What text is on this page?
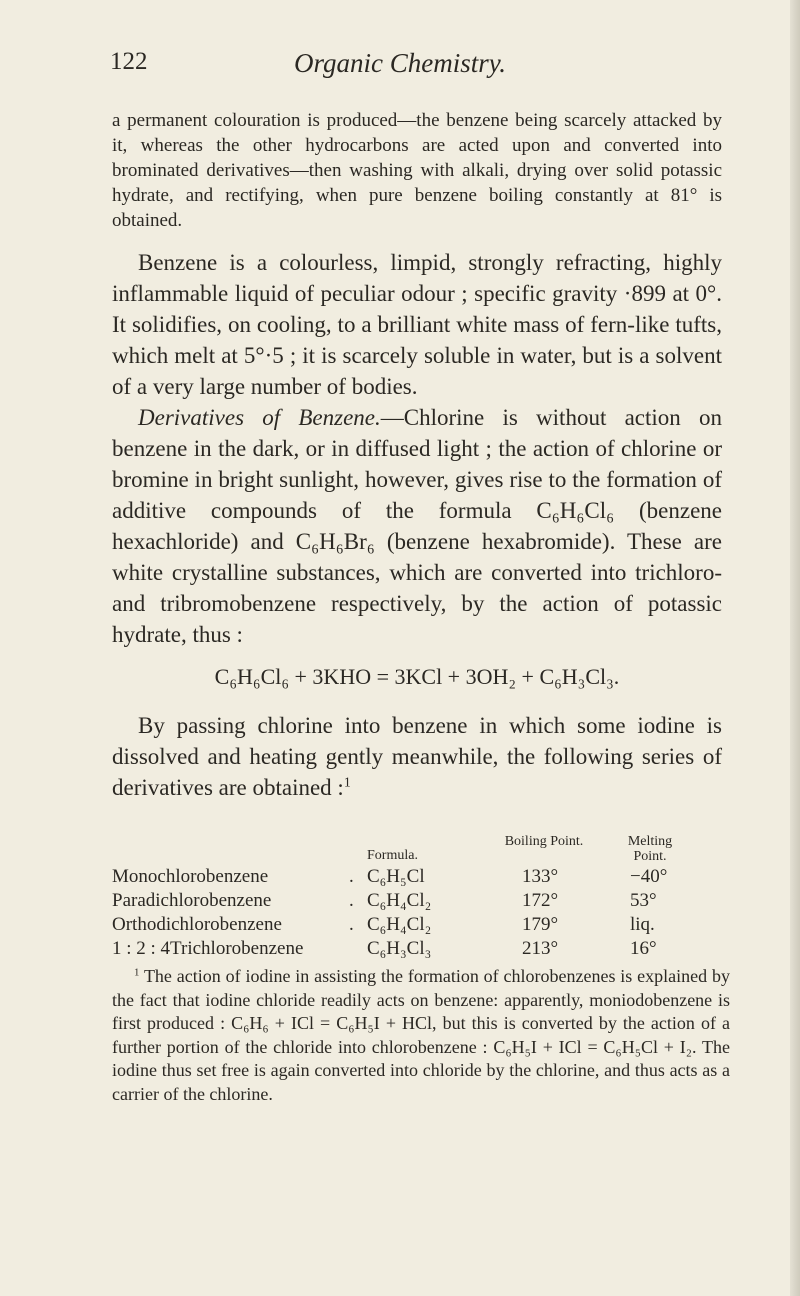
Organic Chemistry.
122

a permanent colouration is produced—the benzene being scarcely attacked by it, whereas the other hydrocarbons are acted upon and converted into brominated derivatives—then washing with alkali, drying over solid potassic hydrate, and rectifying, when pure benzene boiling constantly at 81° is obtained.

Benzene is a colourless, limpid, strongly refracting, highly inflammable liquid of peculiar odour ; specific gravity ·899 at 0°. It solidifies, on cooling, to a brilliant white mass of fern-like tufts, which melt at 5°·5 ; it is scarcely soluble in water, but is a solvent of a very large number of bodies.

Derivatives of Benzene.—Chlorine is without action on benzene in the dark, or in diffused light ; the action of chlorine or bromine in bright sunlight, however, gives rise to the formation of additive compounds of the formula C₆H₆Cl₆ (benzene hexachloride) and C₆H₆Br₆ (benzene hexabromide). These are white crystalline substances, which are converted into trichloro- and tribromobenzene respectively, by the action of potassic hydrate, thus :

C₆H₆Cl₆ + 3KHO = 3KCl + 3OH₂ + C₆H₃Cl₃.

By passing chlorine into benzene in which some iodine is dissolved and heating gently meanwhile, the following series of derivatives are obtained :$^1$

Formula.
Boiling Point.	Melting Point.
Monochlorobenzene	. C₆H₅Cl	133°	−40°
Paradichlorobenzene	. C₆H₄Cl₂	172°	53°
Orthodichlorobenzene	. C₆H₄Cl₂	179°	liq.
1 : 2 : 4Trichlorobenzene	C₆H₃Cl₃	213°	16°

$^1$ The action of iodine in assisting the formation of chlorobenzenes is explained by the fact that iodine chloride readily acts on benzene: apparently, moniodobenzene is first produced : C₆H₆ + ICl = C₆H₅I + HCl, but this is converted by the action of a further portion of the chloride into chlorobenzene : C₆H₅I + ICl = C₆H₅Cl + I₂. The iodine thus set free is again converted into chloride by the chlorine, and thus acts as a carrier of the chlorine.
